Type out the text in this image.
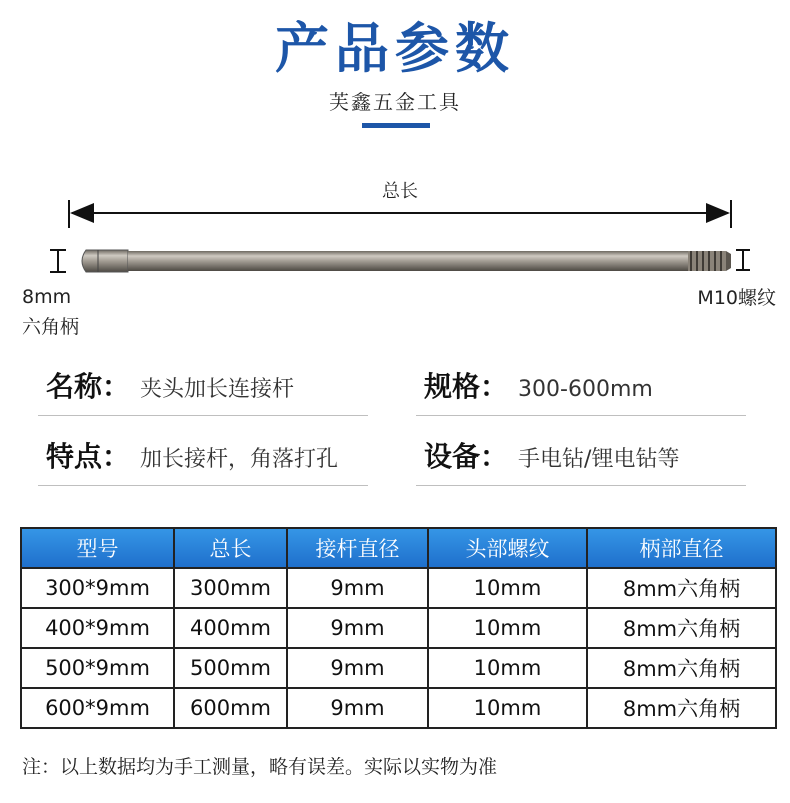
产品参数
芙鑫五金工具
总长
8mm
六角柄
M10螺纹
名称 ： 夹头加长连接杆	规格 ： 300-600mm
特点 ： 加长接杆，角落打孔	设备 ： 手电钻/锂电钻等
型号	总长	接杆直径	头部螺纹	柄部直径
300*9mm	300mm	9mm	10mm	8mm六角柄
400*9mm	400mm	9mm	10mm	8mm六角柄
500*9mm	500mm	9mm	10mm	8mm六角柄
600*9mm	600mm	9mm	10mm	8mm六角柄
注：以上数据均为手工测量，略有误差。实际以实物为准
